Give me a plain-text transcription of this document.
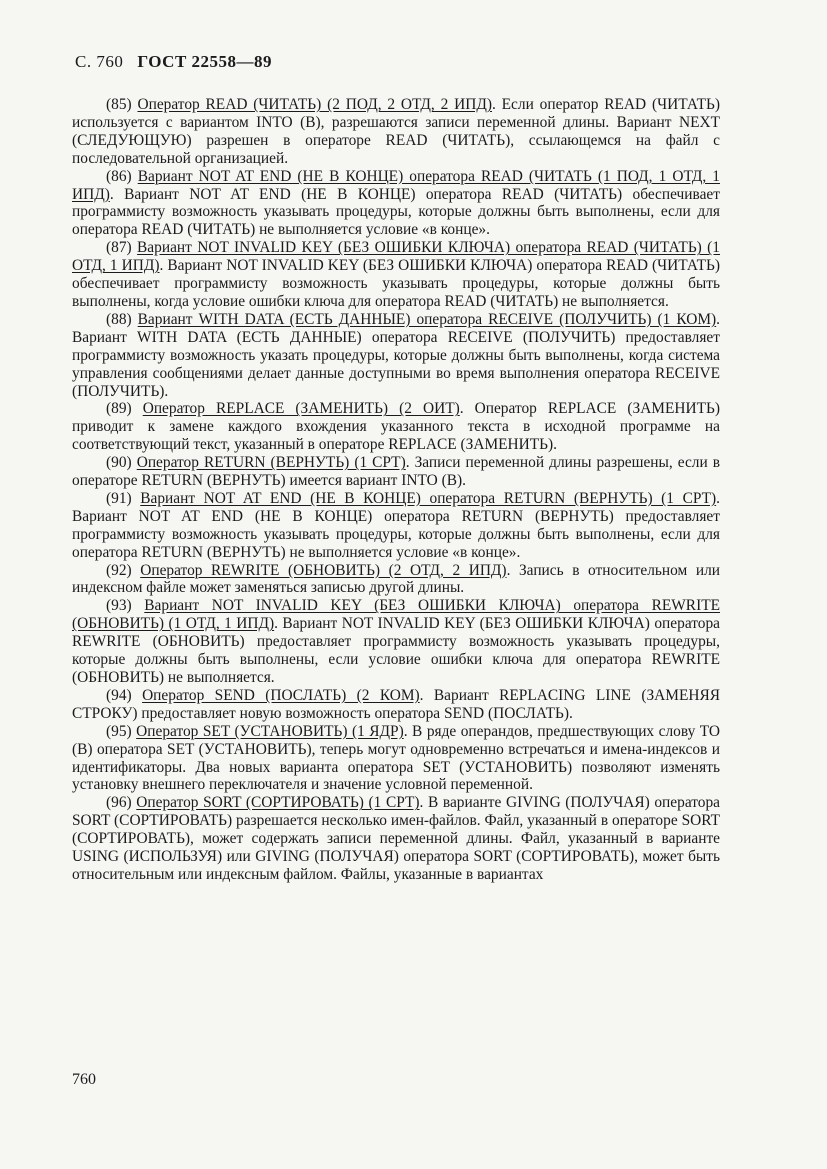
С. 760 ГОСТ 22558—89

(85) Оператор READ (ЧИТАТЬ) (2 ПОД, 2 ОТД, 2 ИПД). Если оператор READ (ЧИТАТЬ) используется с вариантом INTO (В), разрешаются записи переменной длины. Вариант NEXT (СЛЕДУЮЩУЮ) разрешен в операторе READ (ЧИТАТЬ), ссылающемся на файл с последовательной организацией.

(86) Вариант NOT AT END (НЕ В КОНЦЕ) оператора READ (ЧИТАТЬ (1 ПОД, 1 ОТД, 1 ИПД). Вариант NOT AT END (НЕ В КОНЦЕ) оператора READ (ЧИТАТЬ) обеспечивает программисту возможность указывать процедуры, которые должны быть выполнены, если для оператора READ (ЧИТАТЬ) не выполняется условие «в конце».

(87) Вариант NOT INVALID KEY (БЕЗ ОШИБКИ КЛЮЧА) оператора READ (ЧИТАТЬ) (1 ОТД, 1 ИПД). Вариант NOT INVALID KEY (БЕЗ ОШИБКИ КЛЮЧА) оператора READ (ЧИТАТЬ) обеспечивает программисту возможность указывать процедуры, которые должны быть выполнены, когда условие ошибки ключа для оператора READ (ЧИТАТЬ) не выполняется.

(88) Вариант WITH DATA (ЕСТЬ ДАННЫЕ) оператора RECEIVE (ПОЛУЧИТЬ) (1 КОМ). Вариант WITH DATA (ЕСТЬ ДАННЫЕ) оператора RECEIVE (ПОЛУЧИТЬ) предоставляет программисту возможность указать процедуры, которые должны быть выполнены, когда система управления сообщениями делает данные доступными во время выполнения оператора RECEIVE (ПОЛУЧИТЬ).

(89) Оператор REPLACE (ЗАМЕНИТЬ) (2 ОИТ). Оператор REPLACE (ЗАМЕНИТЬ) приводит к замене каждого вхождения указанного текста в исходной программе на соответствующий текст, указанный в операторе REPLACE (ЗАМЕНИТЬ).

(90) Оператор RETURN (ВЕРНУТЬ) (1 СРТ). Записи переменной длины разрешены, если в операторе RETURN (ВЕРНУТЬ) имеется вариант INTO (В).

(91) Вариант NOT AT END (НЕ В КОНЦЕ) оператора RETURN (ВЕРНУТЬ) (1 СРТ). Вариант NOT AT END (НЕ В КОНЦЕ) оператора RETURN (ВЕРНУТЬ) предоставляет программисту возможность указывать процедуры, которые должны быть выполнены, если для оператора RETURN (ВЕРНУТЬ) не выполняется условие «в конце».

(92) Оператор REWRITE (ОБНОВИТЬ) (2 ОТД, 2 ИПД). Запись в относительном или индексном файле может заменяться записью другой длины.

(93) Вариант NOT INVALID KEY (БЕЗ ОШИБКИ КЛЮЧА) оператора REWRITE (ОБНОВИТЬ) (1 ОТД, 1 ИПД). Вариант NOT INVALID KEY (БЕЗ ОШИБКИ КЛЮЧА) оператора REWRITE (ОБНОВИТЬ) предоставляет программисту возможность указывать процедуры, которые должны быть выполнены, если условие ошибки ключа для оператора REWRITE (ОБНОВИТЬ) не выполняется.

(94) Оператор SEND (ПОСЛАТЬ) (2 КОМ). Вариант REPLACING LINE (ЗАМЕНЯЯ СТРОКУ) предоставляет новую возможность оператора SEND (ПОСЛАТЬ).

(95) Оператор SET (УСТАНОВИТЬ) (1 ЯДР). В ряде операндов, предшествующих слову TO (В) оператора SET (УСТАНОВИТЬ), теперь могут одновременно встречаться и имена-индексов и идентификаторы. Два новых варианта оператора SET (УСТАНОВИТЬ) позволяют изменять установку внешнего переключателя и значение условной переменной.

(96) Оператор SORT (СОРТИРОВАТЬ) (1 СРТ). В варианте GIVING (ПОЛУЧАЯ) оператора SORT (СОРТИРОВАТЬ) разрешается несколько имен-файлов. Файл, указанный в операторе SORT (СОРТИРОВАТЬ), может содержать записи переменной длины. Файл, указанный в варианте USING (ИСПОЛЬЗУЯ) или GIVING (ПОЛУЧАЯ) оператора SORT (СОРТИРОВАТЬ), может быть относительным или индексным файлом. Файлы, указанные в вариантах

760
